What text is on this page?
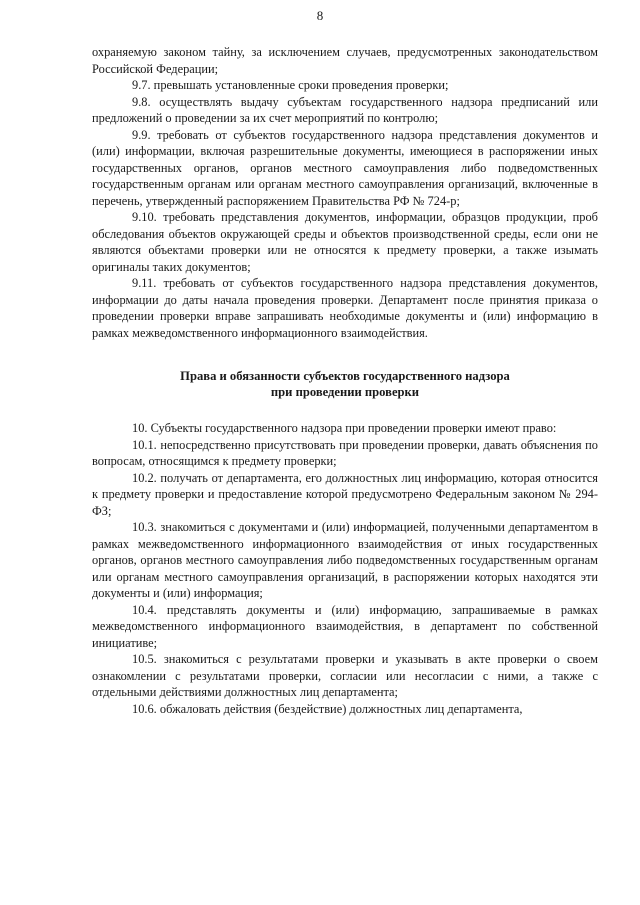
8

охраняемую законом тайну, за исключением случаев, предусмотренных законодательством Российской Федерации;

9.7. превышать установленные сроки проведения проверки;

9.8. осуществлять выдачу субъектам государственного надзора предписаний или предложений о проведении за их счет мероприятий по контролю;

9.9. требовать от субъектов государственного надзора представления документов и (или) информации, включая разрешительные документы, имеющиеся в распоряжении иных государственных органов, органов местного самоуправления либо подведомственных государственным органам или органам местного самоуправления организаций, включенные в перечень, утвержденный распоряжением Правительства РФ № 724-р;

9.10. требовать представления документов, информации, образцов продукции, проб обследования объектов окружающей среды и объектов производственной среды, если они не являются объектами проверки или не относятся к предмету проверки, а также изымать оригиналы таких документов;

9.11. требовать от субъектов государственного надзора представления документов, информации до даты начала проведения проверки. Департамент после принятия приказа о проведении проверки вправе запрашивать необходимые документы и (или) информацию в рамках межведомственного информационного взаимодействия.

Права и обязанности субъектов государственного надзора
при проведении проверки

10. Субъекты государственного надзора при проведении проверки имеют право:

10.1. непосредственно присутствовать при проведении проверки, давать объяснения по вопросам, относящимся к предмету проверки;

10.2. получать от департамента, его должностных лиц информацию, которая относится к предмету проверки и предоставление которой предусмотрено Федеральным законом № 294-ФЗ;

10.3. знакомиться с документами и (или) информацией, полученными департаментом в рамках межведомственного информационного взаимодействия от иных государственных органов, органов местного самоуправления либо подведомственных государственным органам или органам местного самоуправления организаций, в распоряжении которых находятся эти документы и (или) информация;

10.4. представлять документы и (или) информацию, запрашиваемые в рамках межведомственного информационного взаимодействия, в департамент по собственной инициативе;

10.5. знакомиться с результатами проверки и указывать в акте проверки о своем ознакомлении с результатами проверки, согласии или несогласии с ними, а также с отдельными действиями должностных лиц департамента;

10.6. обжаловать действия (бездействие) должностных лиц департамента,
